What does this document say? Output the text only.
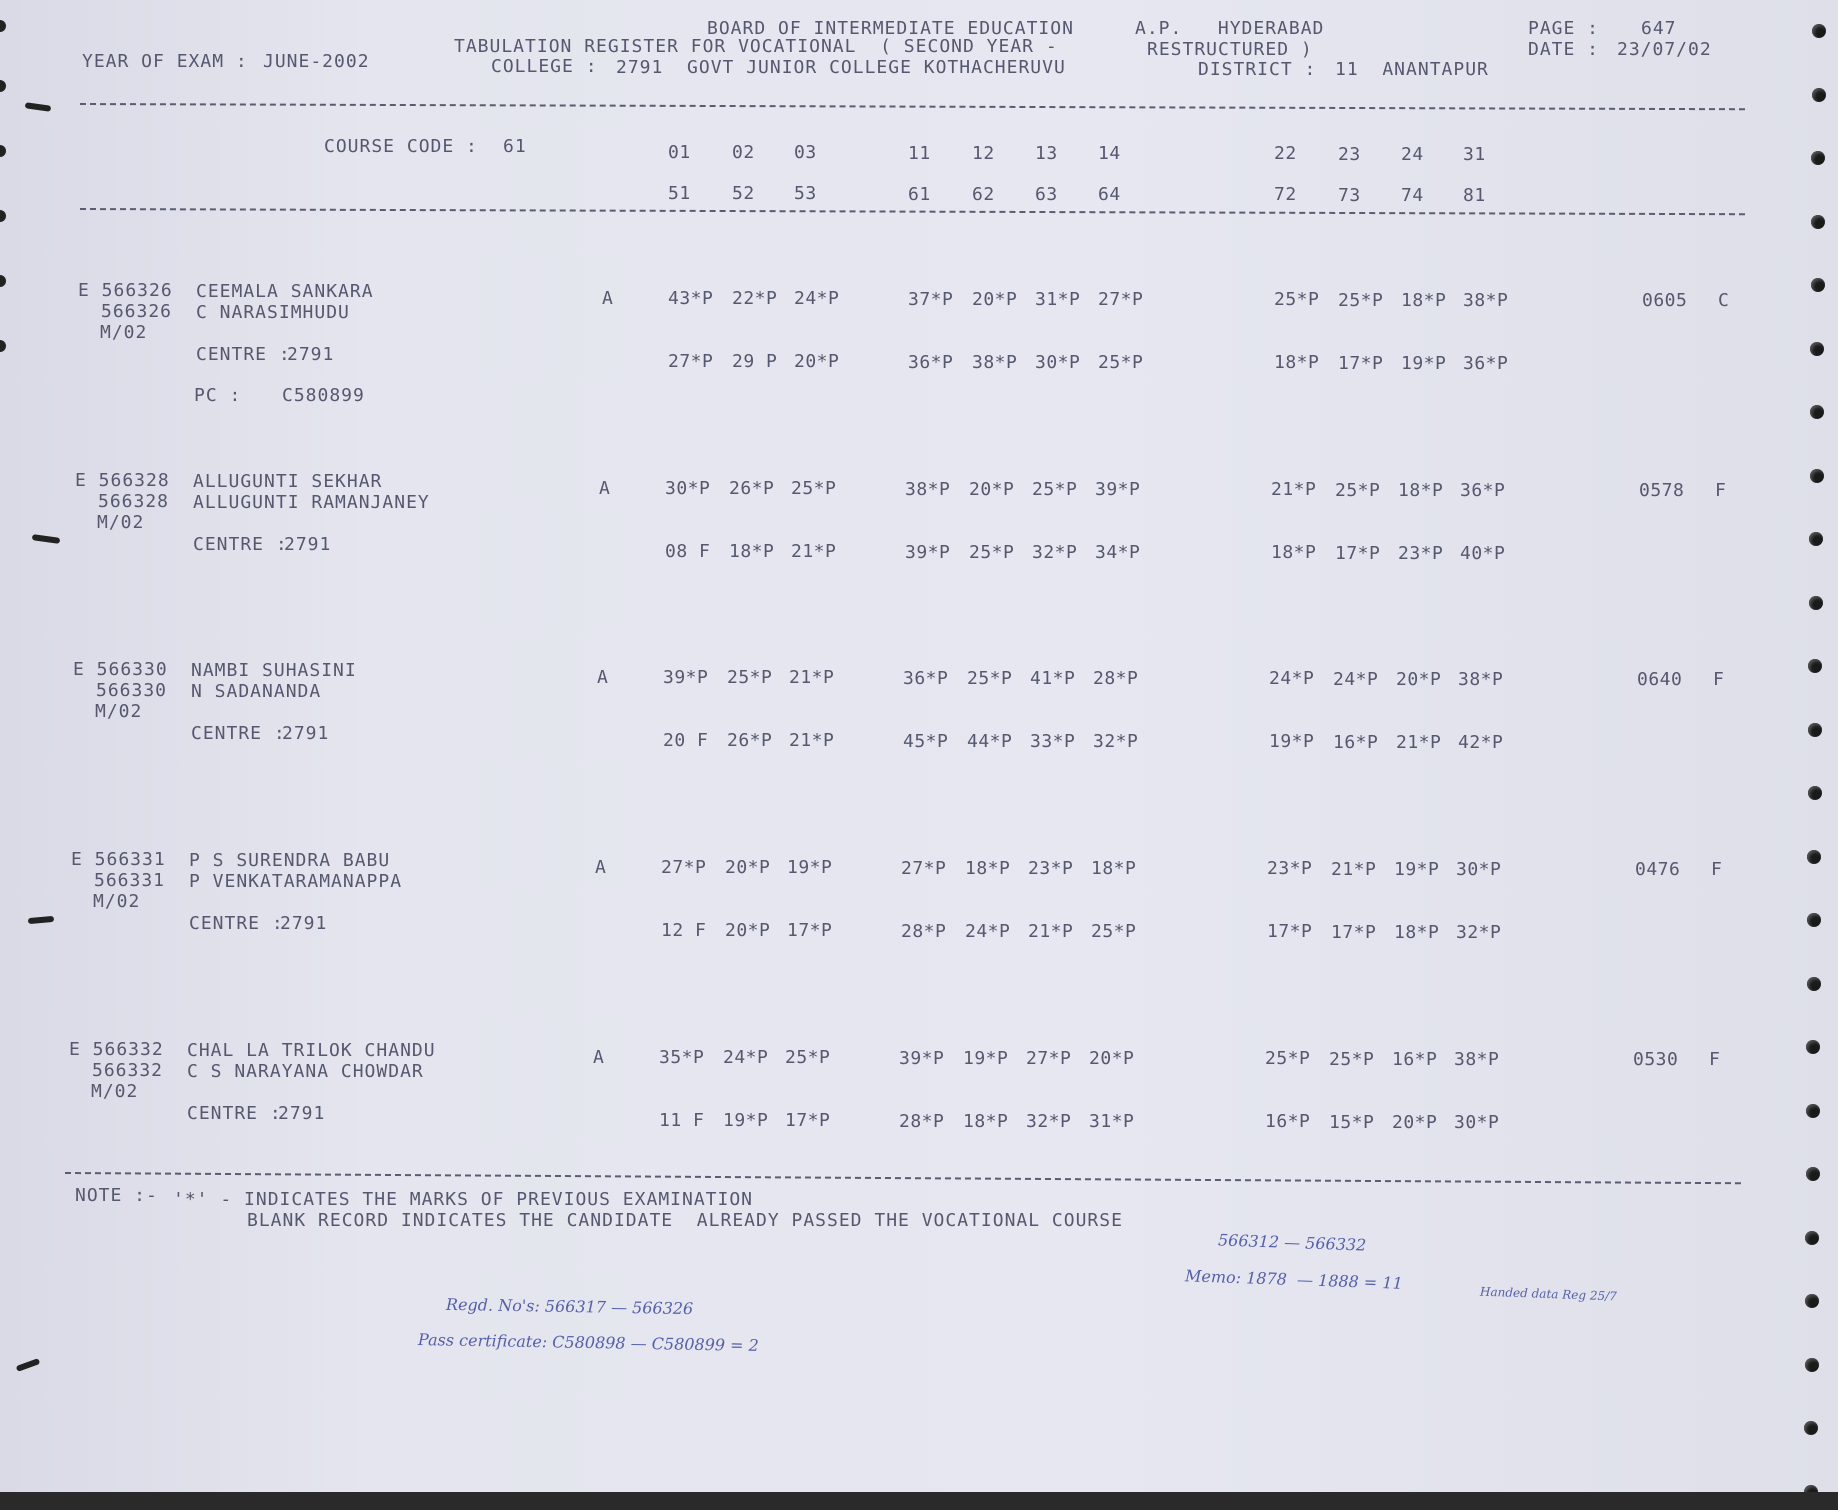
BOARD OF INTERMEDIATE EDUCATION	A.P.   HYDERABAD
TABULATION REGISTER FOR VOCATIONAL  ( SECOND YEAR -	RESTRUCTURED )
YEAR OF EXAM : JUNE-2002	COLLEGE : 2791  GOVT JUNIOR COLLEGE KOTHACHERUVU	DISTRICT : 11  ANANTAPUR
PAGE : 647
DATE : 23/07/02
COURSE CODE : 61	01 02 03	11 12 13 14	22 23 24 31
51 52 53	61 62 63 64	72 73 74 81
E 566326
566326
M/02
CEEMALA SANKARA
C NARASIMHUDU
CENTRE :
2791
PC : C580899
A	43*P 22*P 24*P	37*P 20*P 31*P 27*P	25*P 25*P 18*P 38*P
27*P 29 P 20*P	36*P 38*P 30*P 25*P	18*P 17*P 19*P 36*P
0605 C
E 566328
566328
M/02
ALLUGUNTI SEKHAR
ALLUGUNTI RAMANJANEY
CENTRE :
2791
A	30*P 26*P 25*P	38*P 20*P 25*P 39*P	21*P 25*P 18*P 36*P
08 F 18*P 21*P	39*P 25*P 32*P 34*P	18*P 17*P 23*P 40*P
0578 F
E 566330
566330
M/02
NAMBI SUHASINI
N SADANANDA
CENTRE :
2791
A	39*P 25*P 21*P	36*P 25*P 41*P 28*P	24*P 24*P 20*P 38*P
20 F 26*P 21*P	45*P 44*P 33*P 32*P	19*P 16*P 21*P 42*P
0640 F
E 566331
566331
M/02
P S SURENDRA BABU
P VENKATARAMANAPPA
CENTRE :
2791
A	27*P 20*P 19*P	27*P 18*P 23*P 18*P	23*P 21*P 19*P 30*P
12 F 20*P 17*P	28*P 24*P 21*P 25*P	17*P 17*P 18*P 32*P
0476 F
E 566332
566332
M/02
CHAL LA TRILOK CHANDU
C S NARAYANA CHOWDAR
CENTRE :
2791
A	35*P 24*P 25*P	39*P 19*P 27*P 20*P	25*P 25*P 16*P 38*P
11 F 19*P 17*P	28*P 18*P 32*P 31*P	16*P 15*P 20*P 30*P
0530 F
NOTE :- '*' - INDICATES THE MARKS OF PREVIOUS EXAMINATION
BLANK RECORD INDICATES THE CANDIDATE  ALREADY PASSED THE VOCATIONAL COURSE
566312 — 566332
Memo: 1878  — 1888 = 11
Handed data Reg 25/7
Regd. No's: 566317 — 566326
Pass certificate: C580898 — C580899 = 2
